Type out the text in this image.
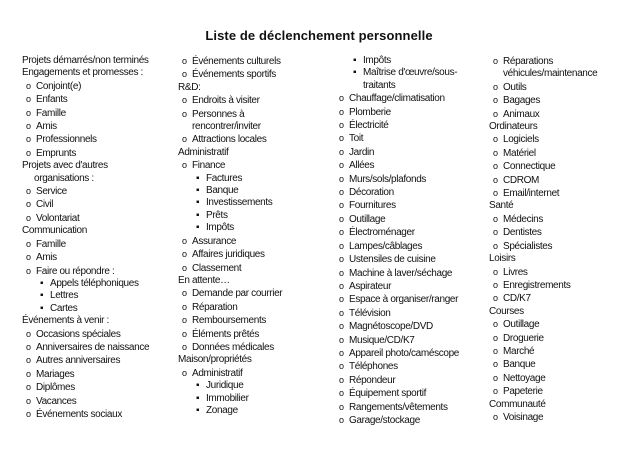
Liste de déclenchement personnelle
Projets démarrés/non terminés
Engagements et promesses :
oConjoint(e)
oEnfants
oFamille
oAmis
oProfessionnels
oEmprunts
Projets avec d'autres
organisations :
oService
oCivil
oVolontariat
Communication
oFamille
oAmis
oFaire ou répondre :
▪Appels téléphoniques
▪Lettres
▪Cartes
Événements à venir :
oOccasions spéciales
oAnniversaires de naissance
oAutres anniversaires
oMariages
oDiplômes
oVacances
oÉvénements sociaux
oÉvénements culturels
oÉvénements sportifs
R&D:
oEndroits à visiter
oPersonnes à
rencontrer/inviter
oAttractions locales
Administratif
oFinance
▪Factures
▪Banque
▪Investissements
▪Prêts
▪Impôts
oAssurance
oAffaires juridiques
oClassement
En attente…
oDemande par courrier
oRéparation
oRemboursements
oÉléments prêtés
oDonnées médicales
Maison/propriétés
oAdministratif
▪Juridique
▪Immobilier
▪Zonage
▪Impôts
▪Maîtrise d'œuvre/sous-
traitants
oChauffage/climatisation
oPlomberie
oÉlectricité
oToit
oJardin
oAllées
oMurs/sols/plafonds
oDécoration
oFournitures
oOutillage
oÉlectroménager
oLampes/câblages
oUstensiles de cuisine
oMachine à laver/séchage
oAspirateur
oEspace à organiser/ranger
oTélévision
oMagnétoscope/DVD
oMusique/CD/K7
oAppareil photo/caméscope
oTéléphones
oRépondeur
oÉquipement sportif
oRangements/vêtements
oGarage/stockage
oRéparations
véhicules/maintenance
oOutils
oBagages
oAnimaux
Ordinateurs
oLogiciels
oMatériel
oConnectique
oCDROM
oEmail/internet
Santé
oMédecins
oDentistes
oSpécialistes
Loisirs
oLivres
oEnregistrements
oCD/K7
Courses
oOutillage
oDroguerie
oMarché
oBanque
oNettoyage
oPapeterie
Communauté
oVoisinage
